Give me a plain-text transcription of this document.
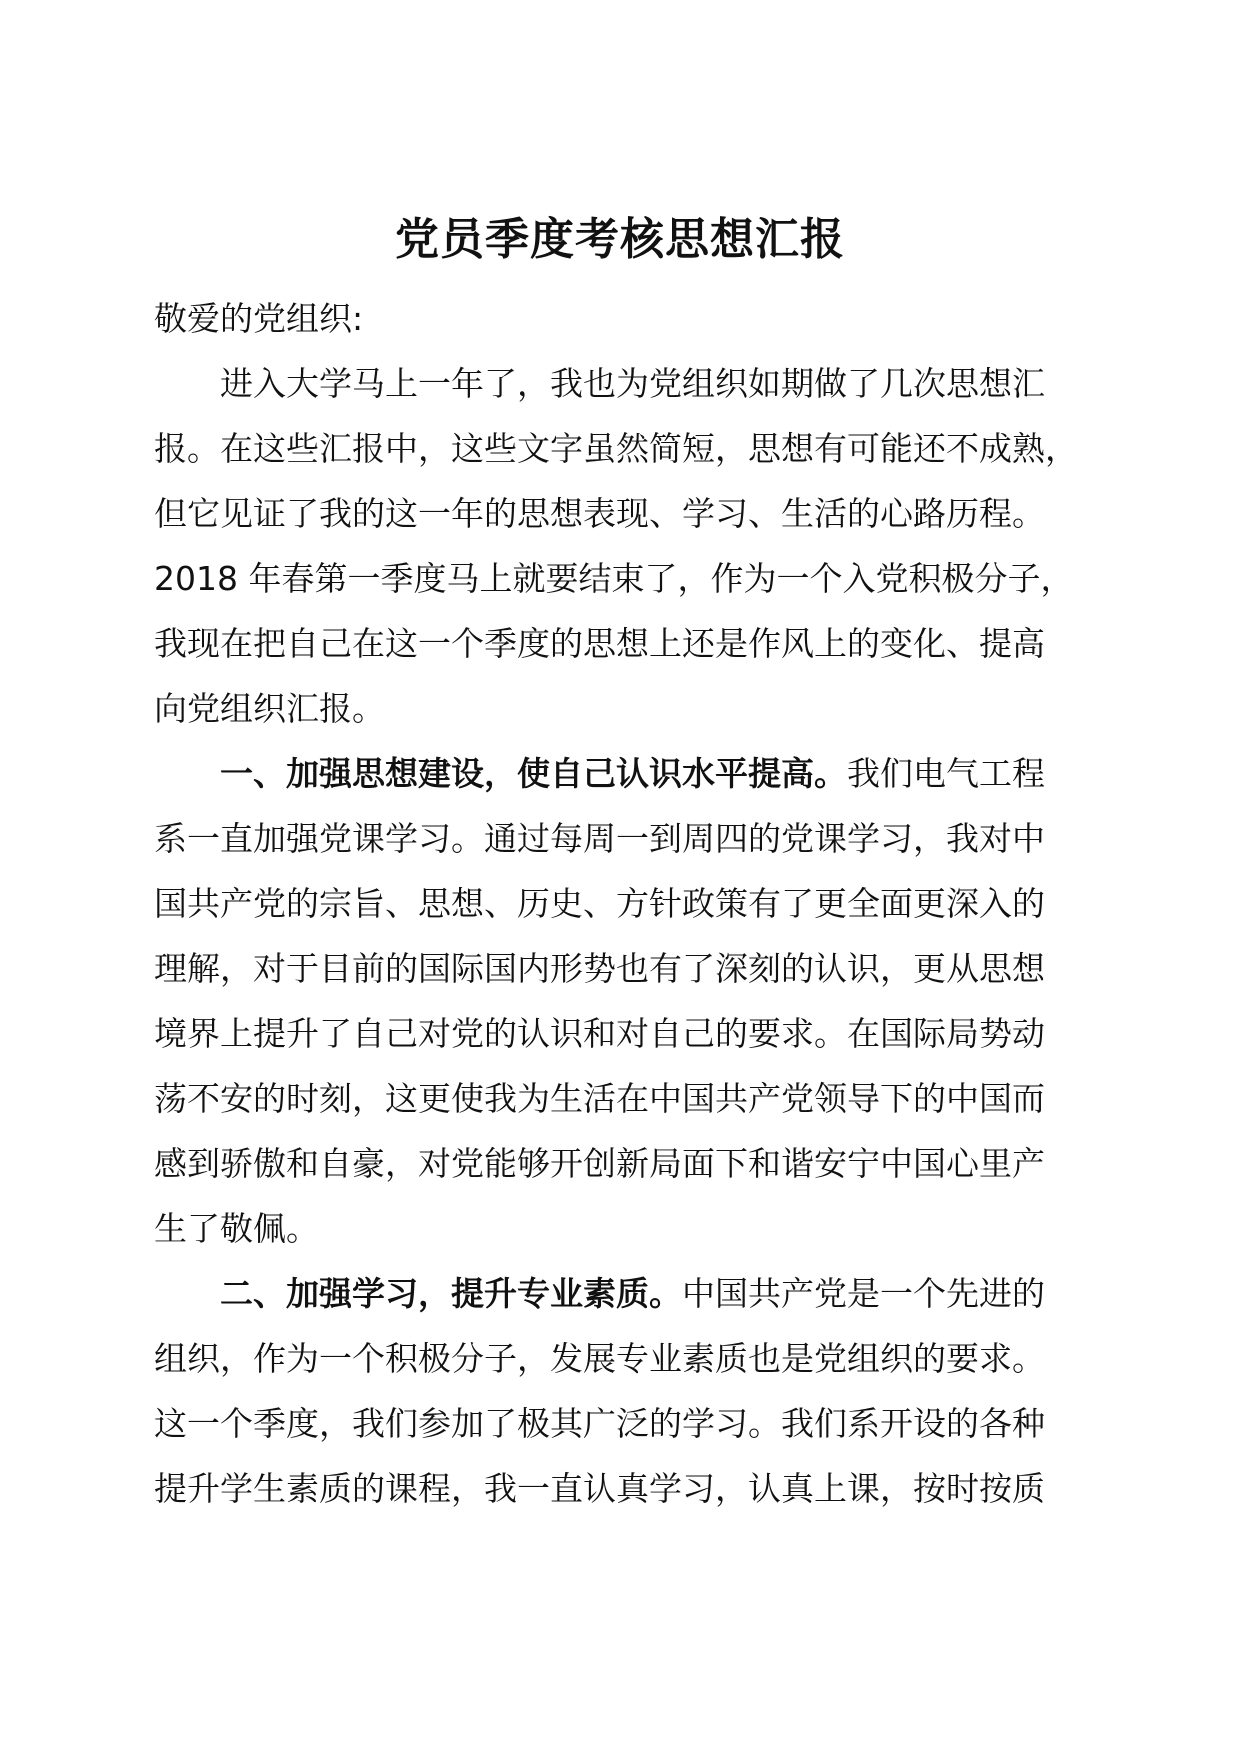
党员季度考核思想汇报
敬爱的党组织:
进入大学马上一年了，我也为党组织如期做了几次思想汇
报。在这些汇报中，这些文字虽然简短，思想有可能还不成熟，
但它见证了我的这一年的思想表现、学习、生活的心路历程。
2018 年春第一季度马上就要结束了，作为一个入党积极分子，
我现在把自己在这一个季度的思想上还是作风上的变化、提高
向党组织汇报。
一、加强思想建设，使自己认识水平提高。我们电气工程
系一直加强党课学习。通过每周一到周四的党课学习，我对中
国共产党的宗旨、思想、历史、方针政策有了更全面更深入的
理解，对于目前的国际国内形势也有了深刻的认识，更从思想
境界上提升了自己对党的认识和对自己的要求。在国际局势动
荡不安的时刻，这更使我为生活在中国共产党领导下的中国而
感到骄傲和自豪，对党能够开创新局面下和谐安宁中国心里产
生了敬佩。
二、加强学习，提升专业素质。中国共产党是一个先进的
组织，作为一个积极分子，发展专业素质也是党组织的要求。
这一个季度，我们参加了极其广泛的学习。我们系开设的各种
提升学生素质的课程，我一直认真学习，认真上课，按时按质
